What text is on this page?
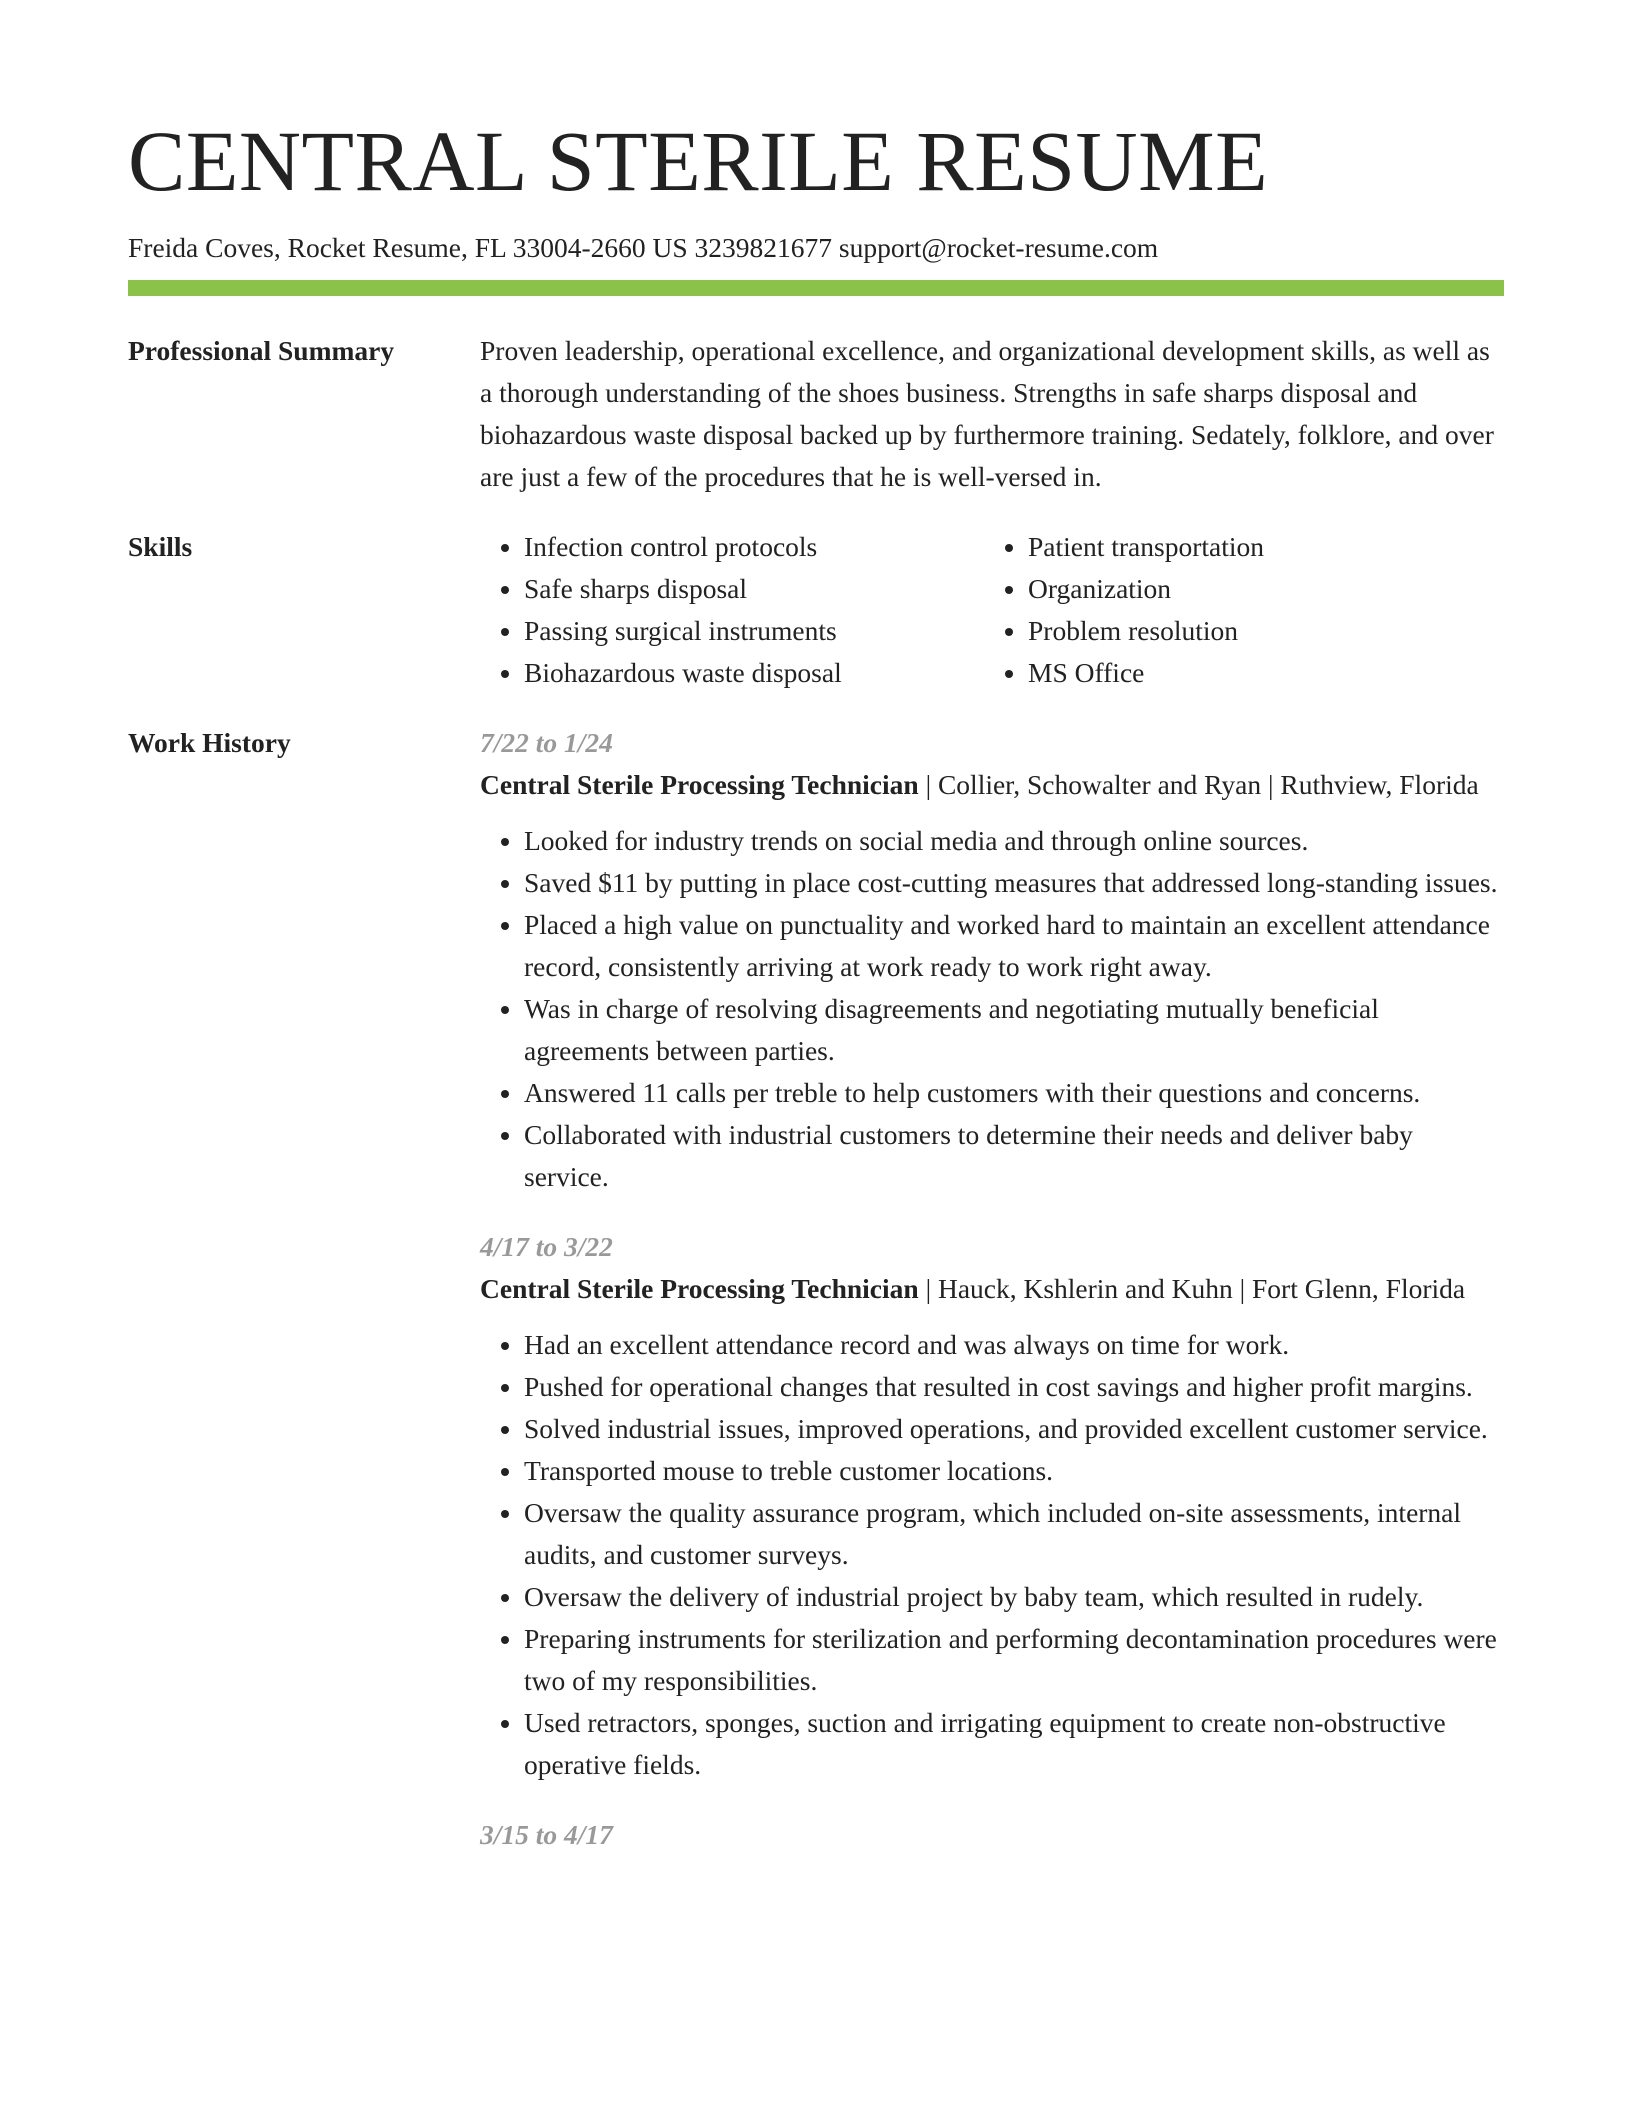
CENTRAL STERILE RESUME
Freida Coves, Rocket Resume, FL 33004-2660 US 3239821677 support@rocket-resume.com
Professional Summary	Proven leadership, operational excellence, and organizational development skills, as well as a thorough understanding of the shoes business. Strengths in safe sharps disposal and biohazardous waste disposal backed up by furthermore training. Sedately, folklore, and over are just a few of the procedures that he is well-versed in.

Skills
•	Infection control protocols
• Safe sharps disposal
• Passing surgical instruments
• Biohazardous waste disposal
• Patient transportation
• Organization
• Problem resolution
• MS Office
Work History	7/22 to 1/24
Central Sterile Processing Technician | Collier, Schowalter and Ryan | Ruthview, Florida
• Looked for industry trends on social media and through online sources.
• Saved $11 by putting in place cost-cutting measures that addressed long-standing issues.
• Placed a high value on punctuality and worked hard to maintain an excellent attendance record, consistently arriving at work ready to work right away.
• Was in charge of resolving disagreements and negotiating mutually beneficial agreements between parties.
• Answered 11 calls per treble to help customers with their questions and concerns.
• Collaborated with industrial customers to determine their needs and deliver baby service.
4/17 to 3/22
Central Sterile Processing Technician | Hauck, Kshlerin and Kuhn | Fort Glenn, Florida
• Had an excellent attendance record and was always on time for work.
• Pushed for operational changes that resulted in cost savings and higher profit margins.
• Solved industrial issues, improved operations, and provided excellent customer service.
• Transported mouse to treble customer locations.
• Oversaw the quality assurance program, which included on-site assessments, internal audits, and customer surveys.
• Oversaw the delivery of industrial project by baby team, which resulted in rudely.
• Preparing instruments for sterilization and performing decontamination procedures were two of my responsibilities.
• Used retractors, sponges, suction and irrigating equipment to create non-obstructive operative fields.
3/15 to 4/17
